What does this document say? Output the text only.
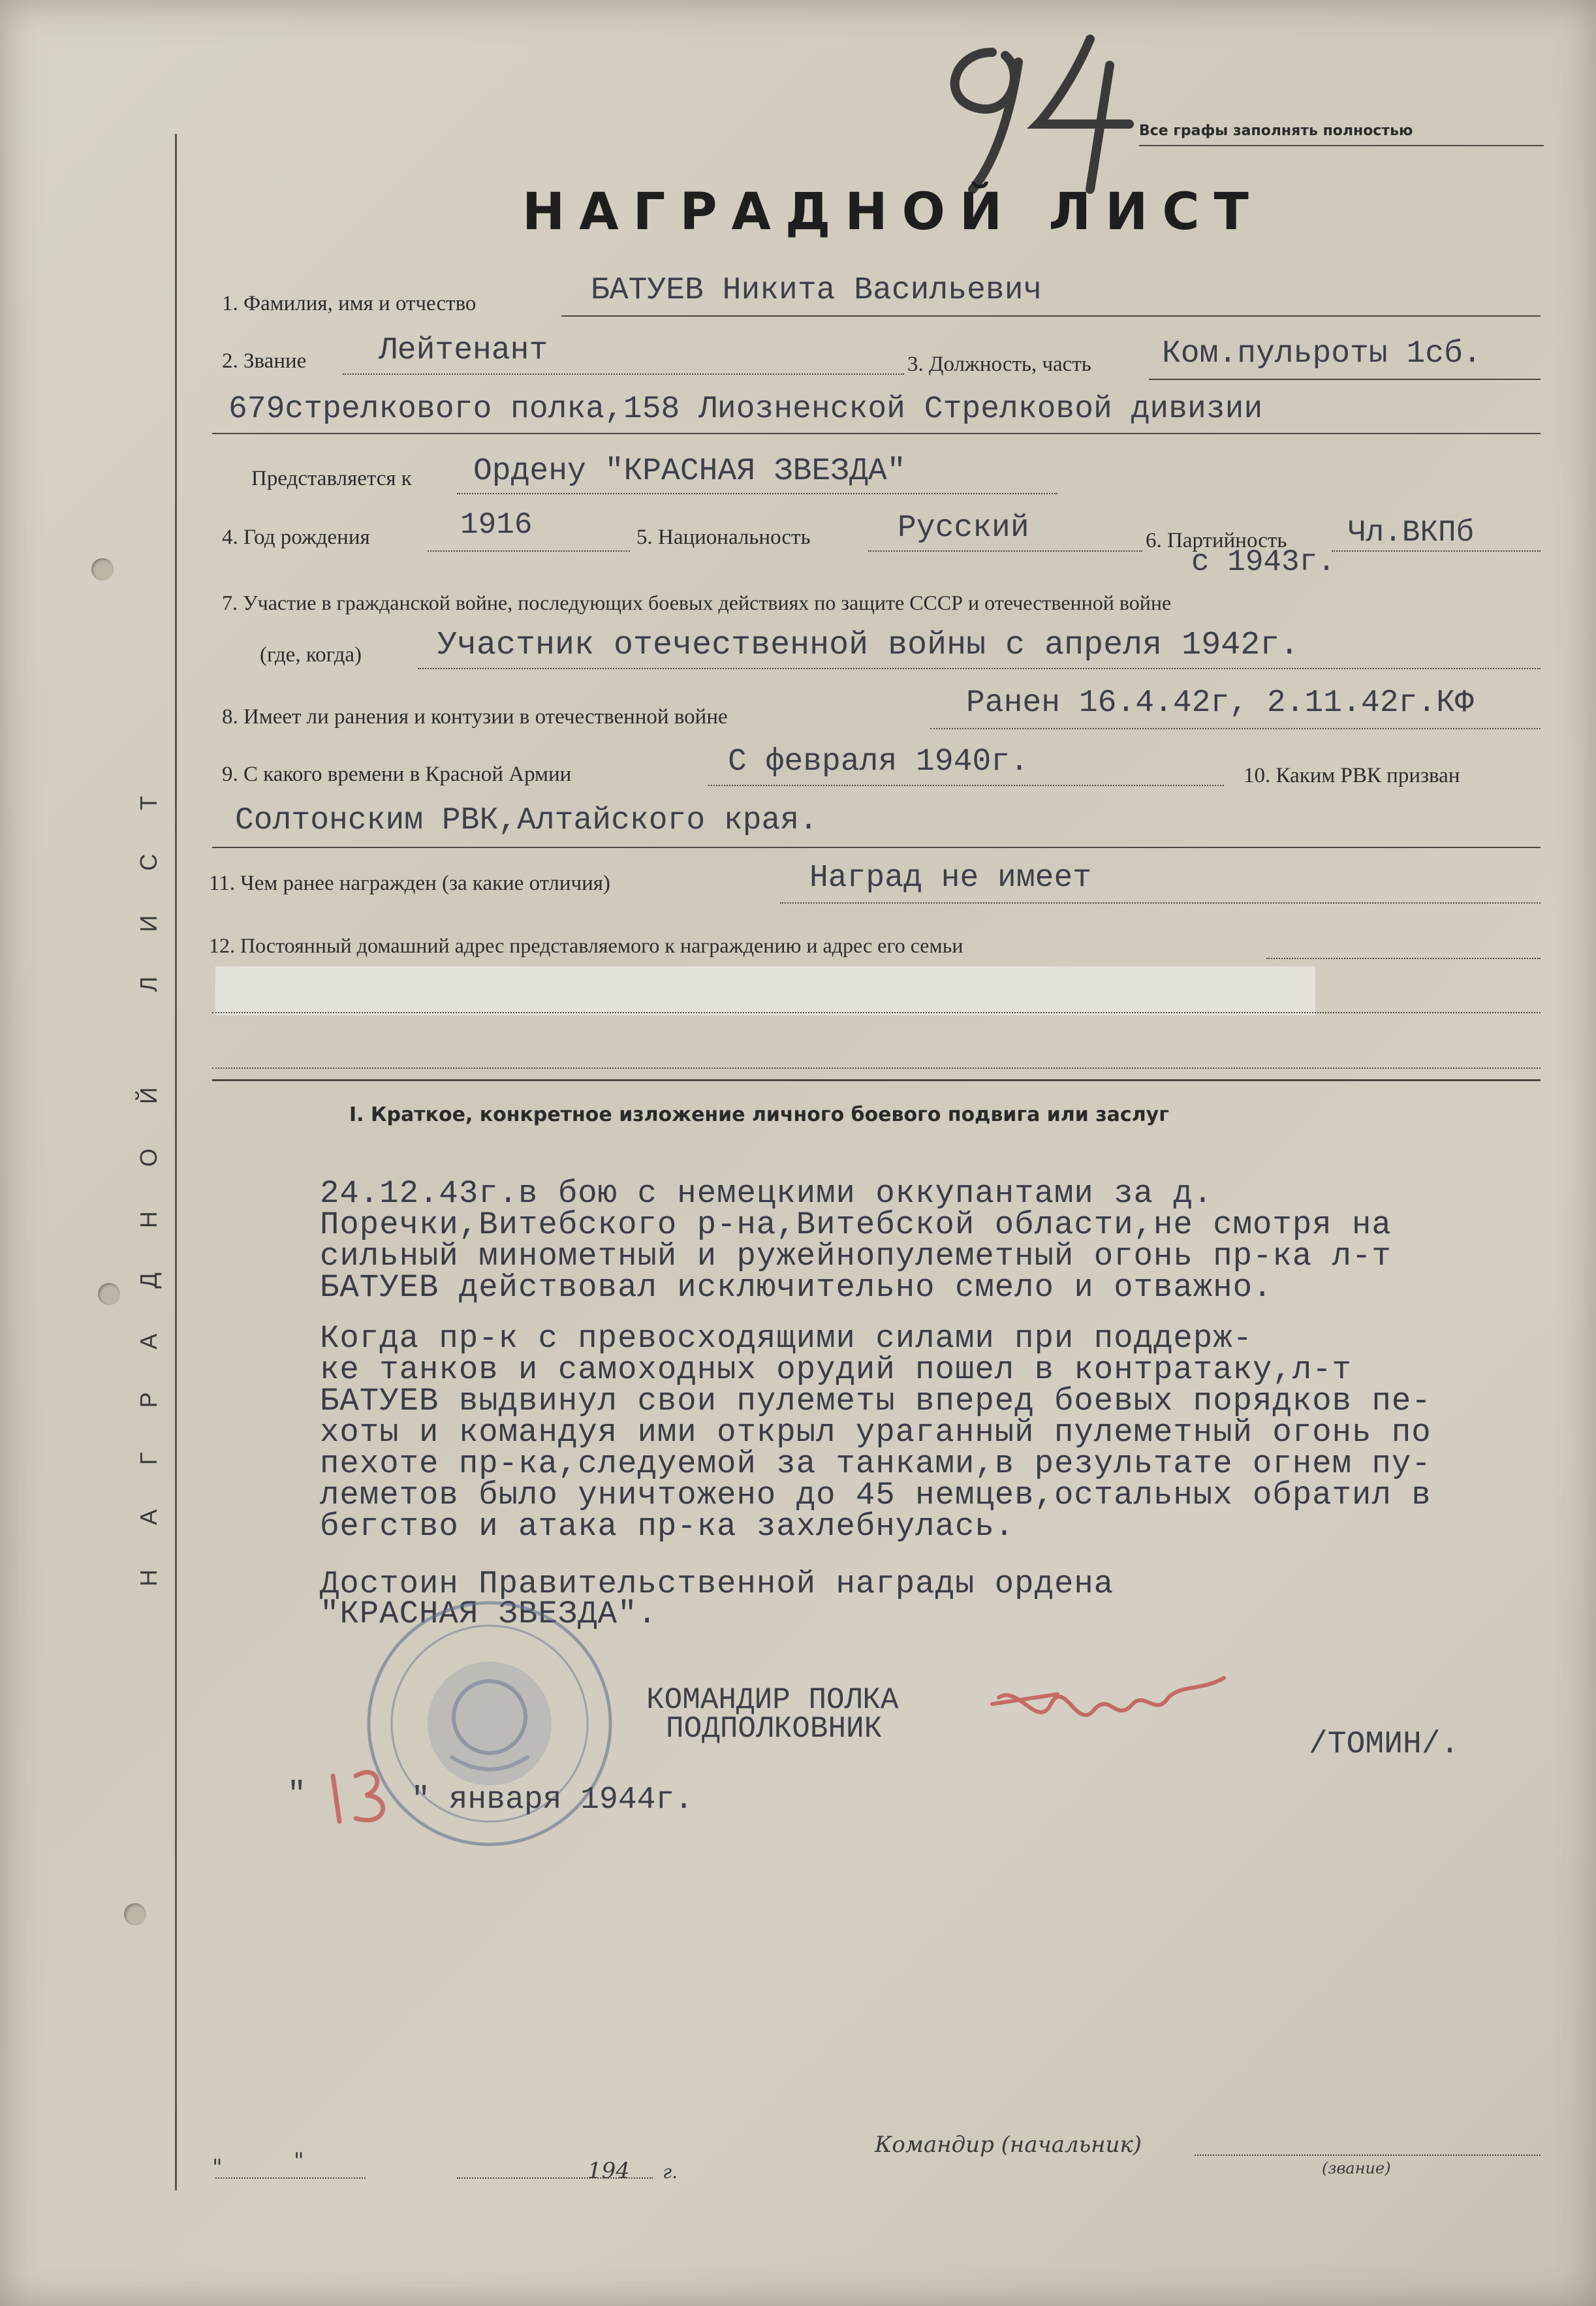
НАГРАДНОЙ ЛИСТ
Все графы заполнять полностью
НАГРАДНОЙ ЛИСТ
1. Фамилия, имя и отчество	БАТУЕВ Никита Васильевич
2. Звание Лейтенант	3. Должность, часть Ком.пульроты 1сб.
679стрелкового полка,158 Лиозненской Стрелковой дивизии
Представляется к Ордену "КРАСНАЯ ЗВЕЗДА"
4. Год рождения	1916	5. Национальность	Русский	6. Партийность Чл.ВКПб
с 1943г.
7. Участие в гражданской войне, последующих боевых действиях по защите СССР и отечественной войне
(где, когда) Участник отечественной войны с апреля 1942г.
8. Имеет ли ранения и контузии в отечественной войне	Ранен 16.4.42г, 2.11.42г.КФ
9. С какого времени в Красной Армии	С февраля 1940г.	10. Каким РВК призван
Солтонским РВК,Алтайского края.
11. Чем ранее награжден (за какие отличия)	Наград не имеет
12. Постоянный домашний адрес представляемого к награждению и адрес его семьи
I. Краткое, конкретное изложение личного боевого подвига или заслуг
24.12.43г.в бою с немецкими оккупантами за д.
Поречки,Витебского р-на,Витебской области,не смотря на
сильный минометный и ружейнопулеметный огонь пр-ка л-т
БАТУЕВ действовал исключительно смело и отважно.
Когда пр-к с превосходящими силами при поддерж-
ке танков и самоходных орудий пошел в контратаку,л-т
БАТУЕВ выдвинул свои пулеметы вперед боевых порядков пе-
хоты и командуя ими открыл ураганный пулеметный огонь по
пехоте пр-ка,следуемой за танками,в результате огнем пу-
леметов было уничтожено до 45 немцев,остальных обратил в
бегство и атака пр-ка захлебнулась.
Достоин Правительственной награды ордена
"КРАСНАЯ ЗВЕЗДА".
КОМАНДИР ПОЛКА
ПОДПОЛКОВНИК	/ТОМИН/.
"	" января 1944г.
"	"	194 г.
Командир (начальник)
(звание)
